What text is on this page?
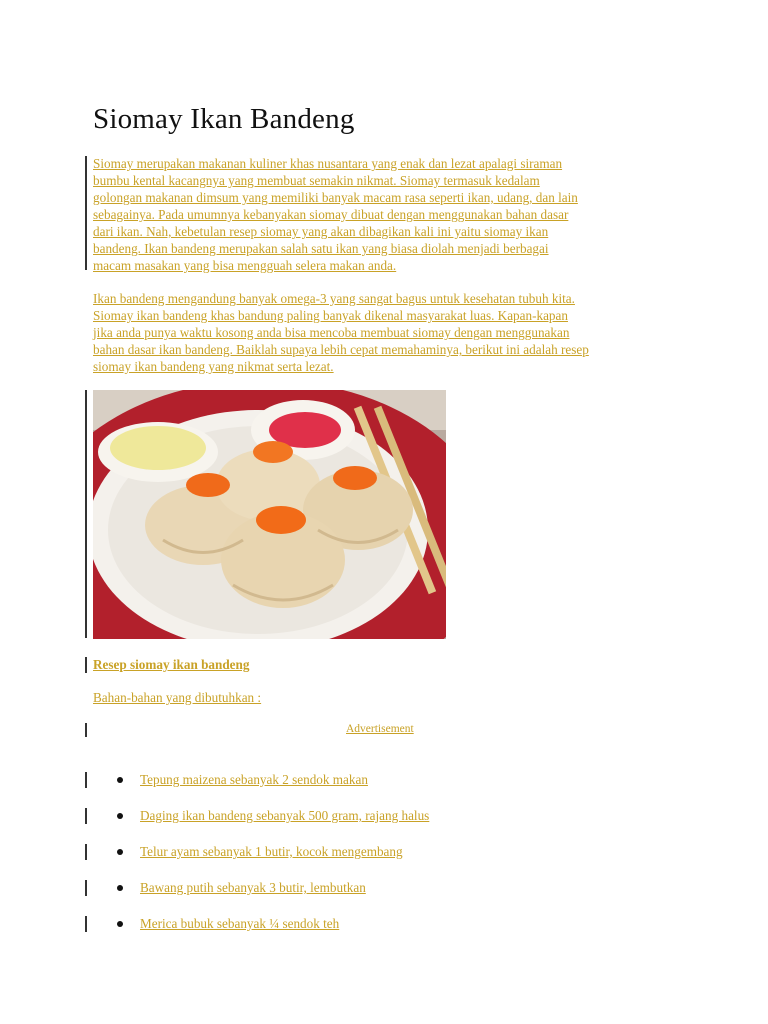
Siomay Ikan Bandeng

Siomay merupakan makanan kuliner khas nusantara yang enak dan lezat apalagi siraman
bumbu kental kacangnya yang membuat semakin nikmat. Siomay termasuk kedalam
golongan makanan dimsum yang memiliki banyak macam rasa seperti ikan, udang, dan lain
sebagainya. Pada umumnya kebanyakan siomay dibuat dengan menggunakan bahan dasar
dari ikan. Nah, kebetulan resep siomay yang akan dibagikan kali ini yaitu siomay ikan
bandeng. Ikan bandeng merupakan salah satu ikan yang biasa diolah menjadi berbagai
macam masakan yang bisa mengguah selera makan anda.

Ikan bandeng mengandung banyak omega-3 yang sangat bagus untuk kesehatan tubuh kita.
Siomay ikan bandeng khas bandung paling banyak dikenal masyarakat luas. Kapan-kapan
jika anda punya waktu kosong anda bisa mencoba membuat siomay dengan menggunakan
bahan dasar ikan bandeng. Baiklah supaya lebih cepat memahaminya, berikut ini adalah resep
siomay ikan bandeng yang nikmat serta lezat.

Resep siomay ikan bandeng
Bahan-bahan yang dibutuhkan :
Advertisement
Tepung maizena sebanyak 2 sendok makan
Daging ikan bandeng sebanyak 500 gram, rajang halus
Telur ayam sebanyak 1 butir, kocok mengembang
Bawang putih sebanyak 3 butir, lembutkan
Merica bubuk sebanyak ¼ sendok teh
